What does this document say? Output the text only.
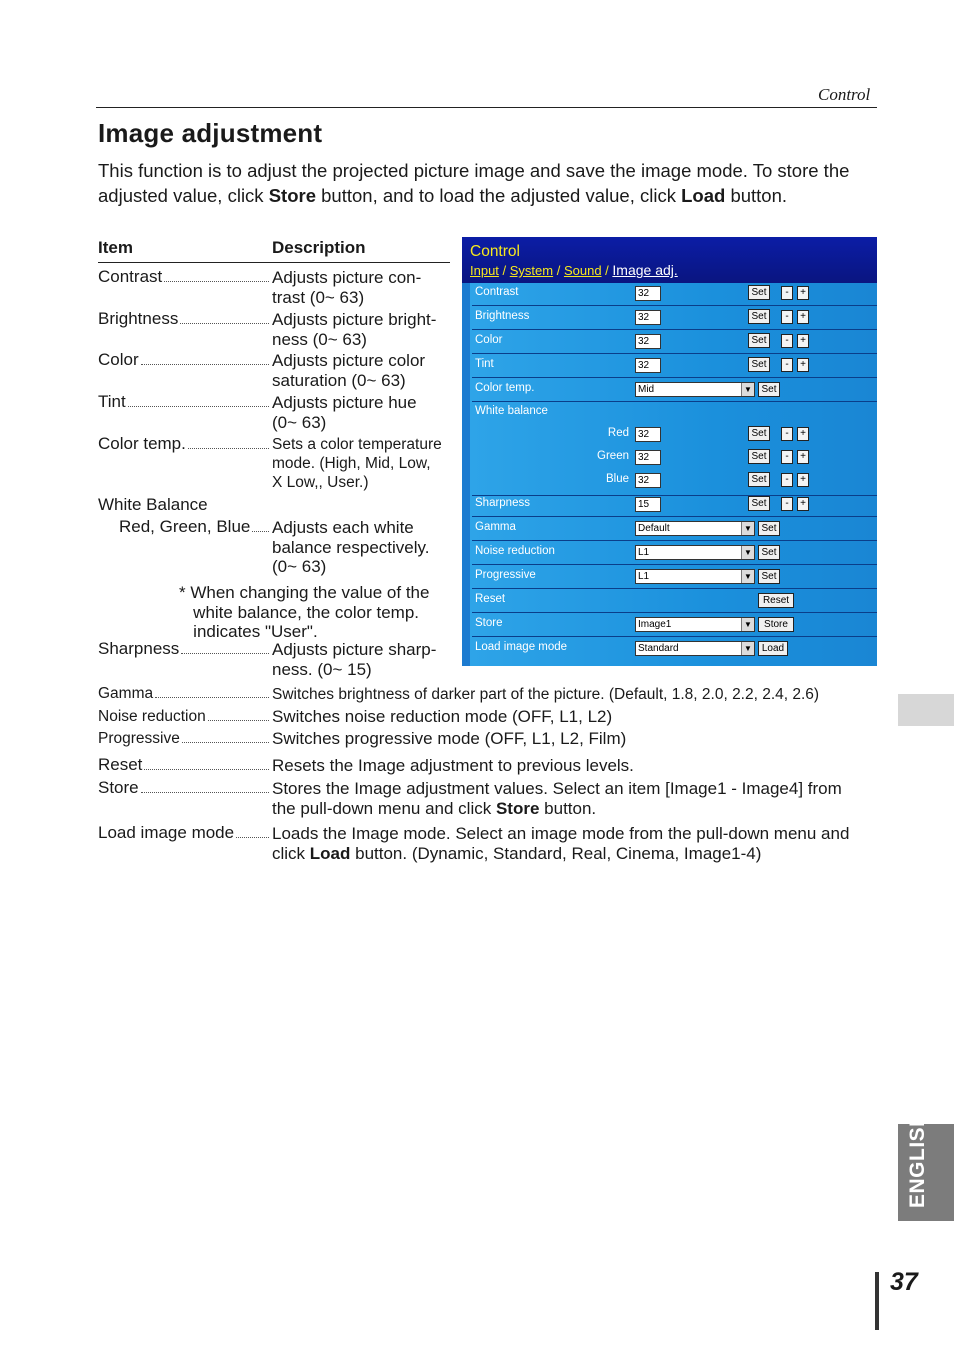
Control
Image adjustment
This function is to adjust the projected picture image and save the image mode. To store the adjusted value, click Store button, and to load the adjusted value, click Load button.
Item	Description
Contrast	Adjusts picture con-
trast (0~ 63)
Brightness	Adjusts picture bright-
ness (0~ 63)
Color	Adjusts picture color
saturation (0~ 63)
Tint	Adjusts picture hue
(0~ 63)
Color temp.	Sets a color temperature
mode. (High, Mid, Low,
X Low,, User.)
White Balance
Red, Green, Blue Adjusts each white
balance respectively.
(0~ 63)
* When changing the value of the
white balance, the color temp.
indicates "User".
Sharpness	Adjusts picture sharp-
ness. (0~ 15)
Gamma	Switches brightness of darker part of the picture. (Default, 1.8, 2.0, 2.2, 2.4, 2.6)
Noise reduction	Switches noise reduction mode (OFF, L1, L2)
Progressive	Switches progressive mode (OFF, L1, L2, Film)
Reset	Resets the Image adjustment to previous levels.
Store	Stores the Image adjustment values. Select an item [Image1 - Image4] from
the pull-down menu and click Store button.
Load image mode Loads the Image mode. Select an image mode from the pull-down menu and
click Load button. (Dynamic, Standard, Real, Cinema, Image1-4)
Control
Input / System / Sound / Image adj.
Contrast	32	Set	-	+
Brightness	32	Set	-	+
Color	32	Set	-	+
Tint	32	Set	-	+
Color temp.	Mid	▼ Set
White balance
Red 32	Set	-	+
Green 32	Set	-	+
Blue 32	Set	-	+
Sharpness	15	Set	-	+
Gamma	Default	▼ Set
Noise reduction	L1	▼ Set
Progressive	L1	▼ Set
Reset	Reset
Store	Image1	▼	Store
Load image mode	Standard	▼ Load
ENGLISH
37
